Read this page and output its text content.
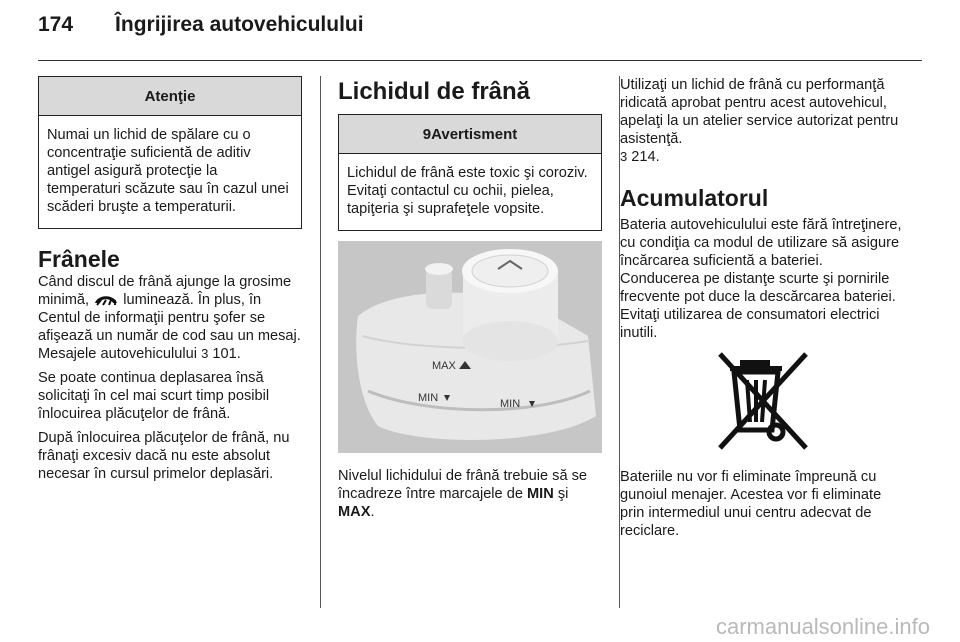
174 Îngrijirea autovehiculului
Atenţie
Numai un lichid de spălare cu o concentraţie suficientă de aditiv antigel asigură protecţie la temperaturi scăzute sau în cazul unei scăderi bruşte a temperaturii.
Frânele

Când discul de frână ajunge la grosime minimă, luminează. În plus, în Centul de informaţii pentru şofer se afişează un număr de cod sau un mesaj. Mesajele autovehiculului 3 101.

Se poate continua deplasarea însă solicitaţi în cel mai scurt timp posibil înlocuirea plăcuţelor de frână.

După înlocuirea plăcuţelor de frână, nu frânaţi excesiv dacă nu este absolut necesar în cursul primelor deplasări.

Lichidul de frână
9 Avertisment
Lichidul de frână este toxic şi coroziv. Evitaţi contactul cu ochii, pielea, tapiţeria şi suprafeţele vopsite.
MAX
MIN	MIN

Nivelul lichidului de frână trebuie să se încadreze între marcajele de MIN şi MAX.

Utilizaţi un lichid de frână cu performanţă ridicată aprobat pentru acest autovehicul, apelaţi la un atelier service autorizat pentru asistenţă.
3 214.

Acumulatorul

Bateria autovehiculului este fără întreţinere, cu condiţia ca modul de utilizare să asigure încărcarea suficientă a bateriei. Conducerea pe distanţe scurte şi pornirile frecvente pot duce la descărcarea bateriei. Evitaţi utilizarea de consumatori electrici inutili.

Bateriile nu vor fi eliminate împreună cu gunoiul menajer. Acestea vor fi eliminate prin intermediul unui centru adecvat de reciclare.

carmanualsonline.info
